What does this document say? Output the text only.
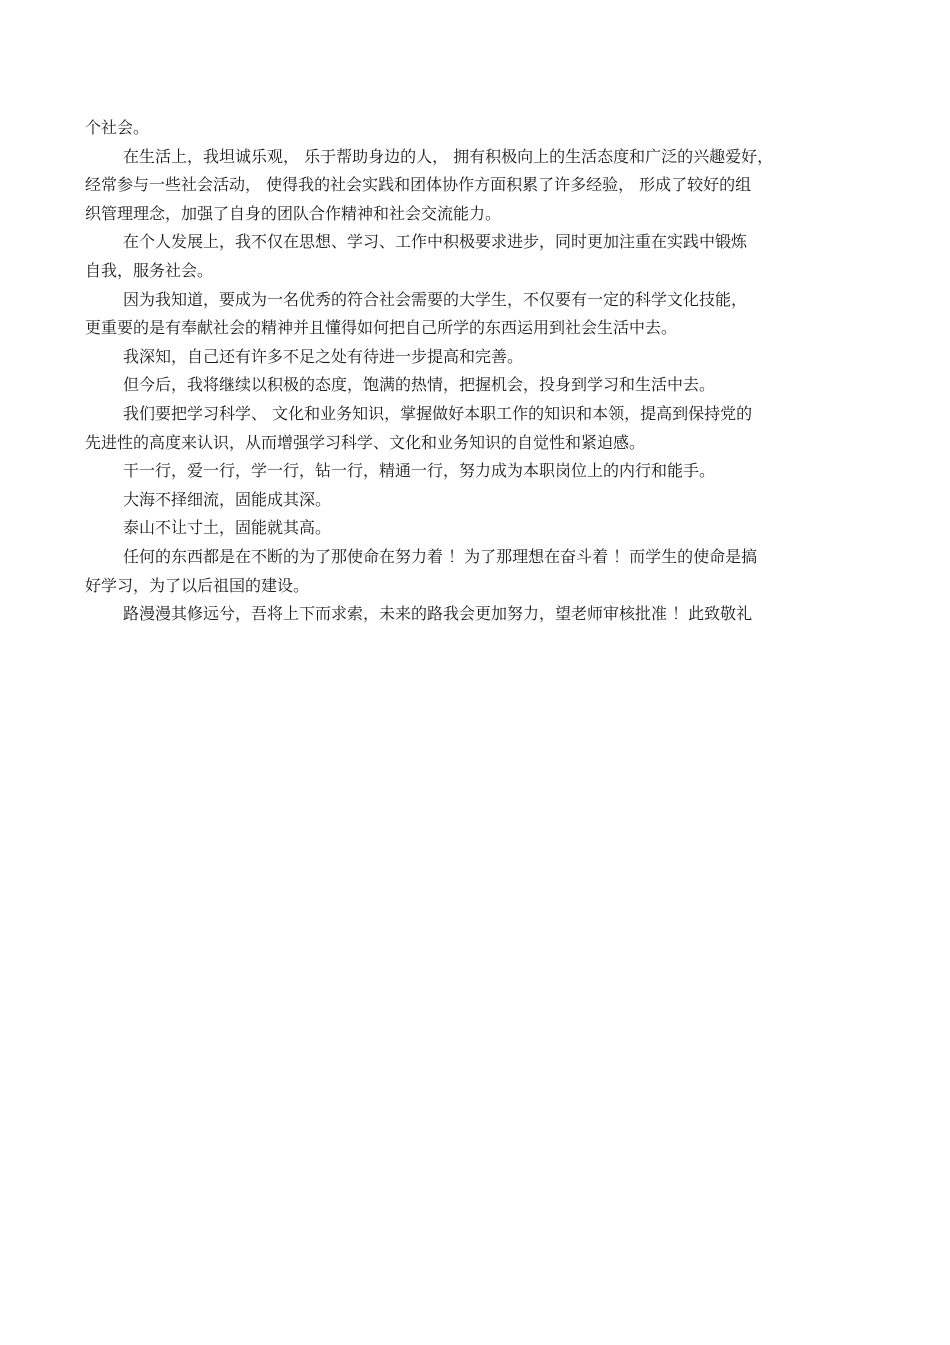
个社会。
在生活上，我坦诚乐观， 乐于帮助身边的人， 拥有积极向上的生活态度和广泛的兴趣爱好，
经常参与一些社会活动， 使得我的社会实践和团体协作方面积累了许多经验， 形成了较好的组
织管理理念，加强了自身的团队合作精神和社会交流能力。
在个人发展上，我不仅在思想、学习、工作中积极要求进步，同时更加注重在实践中锻炼
自我，服务社会。
因为我知道，要成为一名优秀的符合社会需要的大学生，不仅要有一定的科学文化技能，
更重要的是有奉献社会的精神并且懂得如何把自己所学的东西运用到社会生活中去。
我深知，自己还有许多不足之处有待进一步提高和完善。
但今后，我将继续以积极的态度，饱满的热情，把握机会，投身到学习和生活中去。
我们要把学习科学、 文化和业务知识，掌握做好本职工作的知识和本领，提高到保持党的
先进性的高度来认识，从而增强学习科学、文化和业务知识的自觉性和紧迫感。
干一行，爱一行，学一行，钻一行，精通一行，努力成为本职岗位上的内行和能手。
大海不择细流，固能成其深。
泰山不让寸土，固能就其高。
任何的东西都是在不断的为了那使命在努力着 ！为了那理想在奋斗着 ！而学生的使命是搞
好学习，为了以后祖国的建设。
路漫漫其修远兮，吾将上下而求索，未来的路我会更加努力，望老师审核批准 ！此致敬礼
